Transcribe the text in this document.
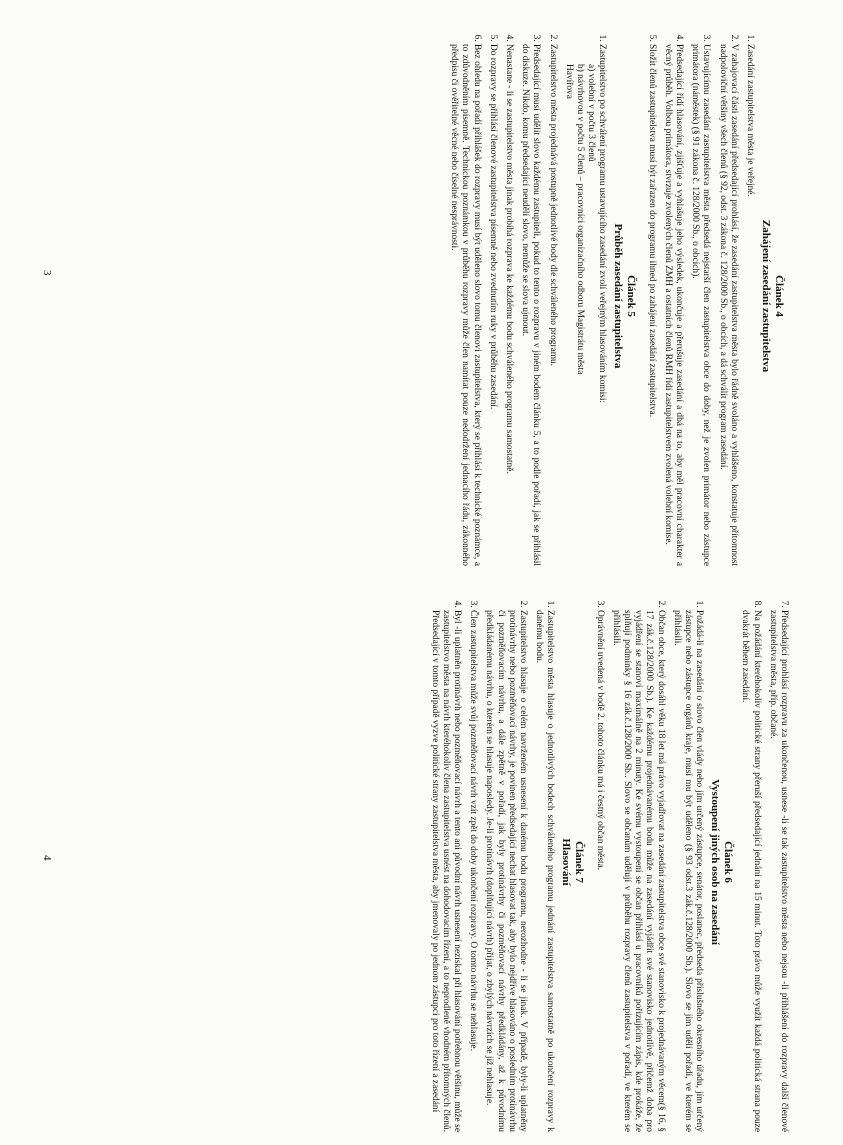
Článek 4
Zahájení zasedání zastupitelstva
1. Zasedání zastupitelstva města je veřejné.
2. V zahajovací části zasedání předsedající prohlásí, že zasedání zastupitelstva města bylo řádně svoláno a vyhlášeno, konstatuje přítomnost nadpoloviční většiny všech členů (§ 92, odst. 3 zákona č. 128/2000 Sb., o obcích, a dá schválit program zasedání.
3. Ustavujícímu zasedání zastupitelstva města předsedá nejstarší člen zastupitelstva obce do doby, než je zvolen primátor nebo zástupce primátora (náměstek) (§ 91 zákona č. 128/2000 Sb., o obcích).
4. Předsedající řídí hlasování, zjišťuje a vyhlašuje jeho výsledek, ukončuje a přerušuje zasedání a dbá na to, aby měl pracovní charakter a věcný průběh. Volbou primátora, stvrzuje zvolených členů ZMH a ostatních členů RMH řídí zastupitelstvem zvolená volební komise.
5. Složit členů zastupitelstva musí být zařazen do programu ihned po zahájení zasedání zastupitelstva.
Článek 5
Průběh zasedání zastupitelstva
1. Zastupitelstvo po schválení programu ustavujícího zasedání zvolí veřejným hlasováním komisi:
a) volební v počtu 3 členů
b) návrhovou v počtu 5 členů – pracovníci organizačního odboru Magistrátu města
Havířova
2. Zastupitelstvo města projednává postupně jednotlivé body dle schváleného programu.
3. Předsedající musí udělit slovo každému zastupiteli, pokud to tento o rozpravu v jiném bodem článku 5, a to podle pořadí, jak se přihlásil do diskuze. Nikdo, komu předsedající neudělí slovo, nemůže se slova ujmout.
4. Nenastane - li se zastupitelstvo města jinak probíhá rozprava ke každému bodu schváleného programu samostatně.
5. Do rozpravy se přihlásí členové zastupitelstva písemně nebo zvednutím ruky v průběhu zasedání.
6. Bez ohledu na pořadí přihlášek do rozpravy musí být uděleno slovo tomu členovi zastupitelstva, který se přihlásí k technické poznámce, a to zdůvodněním písemně. Technickou poznámkou v průběhu rozpravy může člen namítat pouze nedodržení jednacího řádu, zákonného předpisu či ověřitelné věcné nebo číselné nesprávnosti.
3
7. Předsedající prohlásí rozpravu za ukončenou, usnese -li se tak zastupitelstvo města nebo nejsou -li přihlášeni do rozpravy další členové zastupitelstva města, příp. občané.
8. Na požádání kteréhokoliv politické strany přeruší předsedající jednání na 15 minut. Toto právo může využít každá politická strana pouze dvakrát během zasedání.
Článek 6
Vystoupení jiných osob na zasedání
1. Požádá-li na zasedání o slovo člen vlády nebo jím určený zástupce, senátor, poslanec, předseda příslušného okresního úřadu, jím určený zástupce nebo zástupce orgánů kraje, musí mu být uděleno (§ 93 odst.3 zák.č.128/2000 Sb.). Slovo se jim udělí pořadí, ve kterém se přihlásili.
2. Občan obce, který dosáhl věku 18 let má právo vyjadřovat na zasedání zastupitelstva obce své stanovisko k projednávaným věcem(§ 16, § 17 zák.č.128/2000 Sb.). Ke každému projednávanému bodu může na zasedání vyjádřit své stanovisko jednotlivě, přičemž doba pro vyjádření se stanoví maximálně na 2 minuty. Ke svému vystoupení se občan přihlásí u pracovníků pořizujícím zápis, kde prokáže, že splňují podmínky § 16 zák.č.128/2000 Sb.. Slovo se občanům udělují v průběhu rozpravy členů zastupitelstva v pořadí, ve kterém se přihlásili.
3. Oprávnění uvedená v bodě 2. tohoto článku má i čestný občan města.
Článek 7
Hlasování
1. Zastupitelstvo města hlasuje o jednotlivých bodech schváleného programu jednání zastupitelstva samostatně po ukončení rozpravy k danému bodu.
2. Zastupitelstvo hlasuje o celém navrženém usnesení k danému bodu programu, nerozhodne - li se jinak. V případě, byly-li uplatněny protinávrhy nebo pozměňovací návrhy, je povinen předsedající nechat hlasovat tak, aby bylo nejdříve hlasováno o posledním protinávrhu či pozměňovacím návrhu, a dále zpětně v pořadí, jak byly protinávrhy či pozměňovací návrhy předkládány, až k původnímu předkládanému návrhu, o kterém se hlasuje naposledy. Je-li protinávrh (doplňující návrh) přijat, o zbylých návrzích se již nehlasuje.
3. Člen zastupitelstva může svůj pozměňovací návrh vzít zpět do doby ukončení rozpravy. O tomto návrhu se nehlasuje.
4. Byl -li uplatněn protinávrh nebo pozměňovací návrh a tento ani původní návrh usnesení nezískal při hlasování potřebnou většinu, může se zastupitelstvo města na návrh kteréhokoliv člena zastupitelstva usnést na dohodovacím řízení, a to neprodleně vhodném přítomných členů. Předsedající v tomto případě vyzve politické strany zastupitelstva města, aby jmenovaly po jednom zástupci pro toto řízení a zasedání
4
